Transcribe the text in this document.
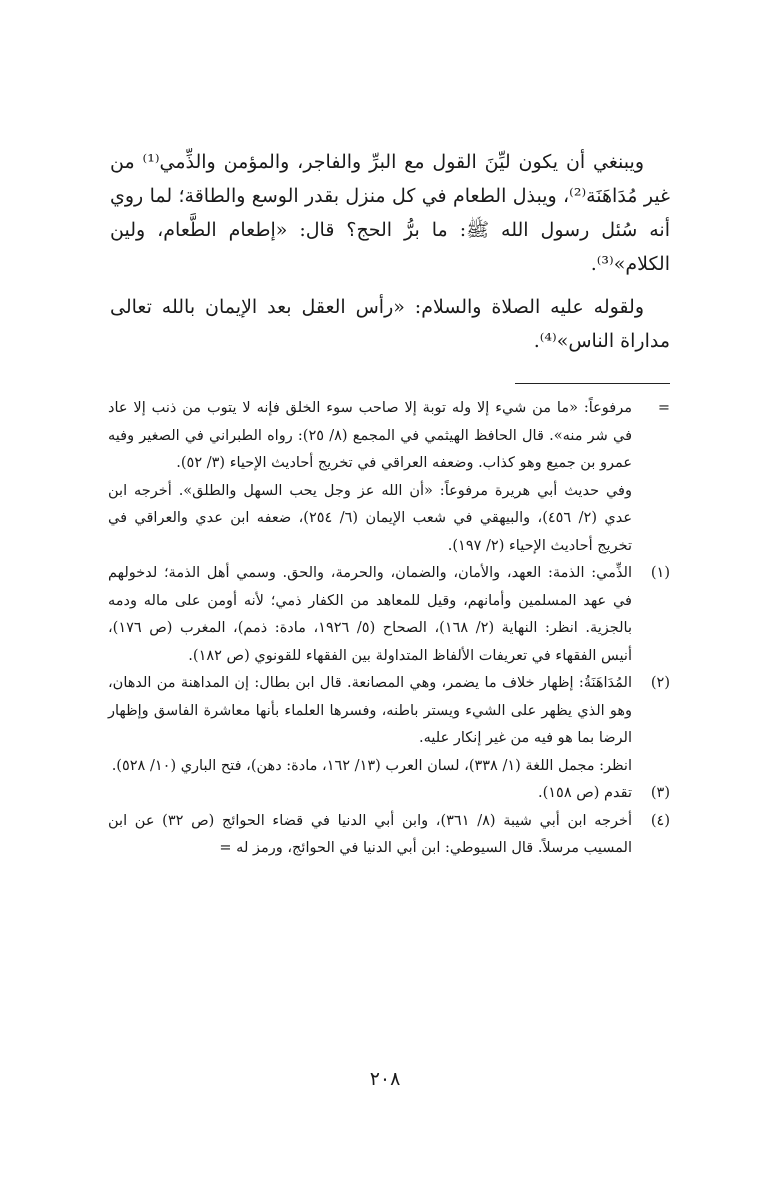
ويبنغي أن يكون ليِّنَ القول مع البرِّ والفاجر، والمؤمن والذِّمي⁽¹⁾ من غير مُدَاهَنَة⁽²⁾، ويبذل الطعام في كل منزل بقدر الوسع والطاقة؛ لما روي أنه سُئل رسول الله ﷺ: ما برُّ الحج؟ قال: «إطعام الطَّعام، ولين الكلام»⁽³⁾.

ولقوله عليه الصلاة والسلام: «رأس العقل بعد الإيمان بالله تعالى مداراة الناس»⁽⁴⁾.

=

مرفوعاً: «ما من شيء إلا وله توبة إلا صاحب سوء الخلق فإنه لا يتوب من ذنب إلا عاد في شر منه». قال الحافظ الهيثمي في المجمع (٨/ ٢٥): رواه الطبراني في الصغير وفيه عمرو بن جميع وهو كذاب. وضعفه العراقي في تخريج أحاديث الإحياء (٣/ ٥٢).

وفي حديث أبي هريرة مرفوعاً: «أن الله عز وجل يحب السهل والطلق». أخرجه ابن عدي (٢/ ٤٥٦)، والبيهقي في شعب الإيمان (٦/ ٢٥٤)، ضعفه ابن عدي والعراقي في تخريج أحاديث الإحياء (٢/ ١٩٧).

(١)

الذِّمي: الذمة: العهد، والأمان، والضمان، والحرمة، والحق. وسمي أهل الذمة؛ لدخولهم في عهد المسلمين وأمانهم، وقيل للمعاهد من الكفار ذمي؛ لأنه أومن على ماله ودمه بالجزية. انظر: النهاية (٢/ ١٦٨)، الصحاح (٥/ ١٩٢٦، مادة: ذمم)، المغرب (ص ١٧٦)، أنيس الفقهاء في تعريفات الألفاظ المتداولة بين الفقهاء للقونوي (ص ١٨٢).

(٢)

المُدَاهَنَةُ: إظهار خلاف ما يضمر، وهي المصانعة. قال ابن بطال: إن المداهنة من الدهان، وهو الذي يظهر على الشيء ويستر باطنه، وفسرها العلماء بأنها معاشرة الفاسق وإظهار الرضا بما هو فيه من غير إنكار عليه.

انظر: مجمل اللغة (١/ ٣٣٨)، لسان العرب (١٣/ ١٦٢، مادة: دهن)، فتح الباري (١٠/ ٥٢٨).

(٣)

تقدم (ص ١٥٨).

(٤)

أخرجه ابن أبي شيبة (٨/ ٣٦١)، وابن أبي الدنيا في قضاء الحوائج (ص ٣٢) عن ابن المسيب مرسلاً. قال السيوطي: ابن أبي الدنيا في الحوائج، ورمز له =

٢٠٨
